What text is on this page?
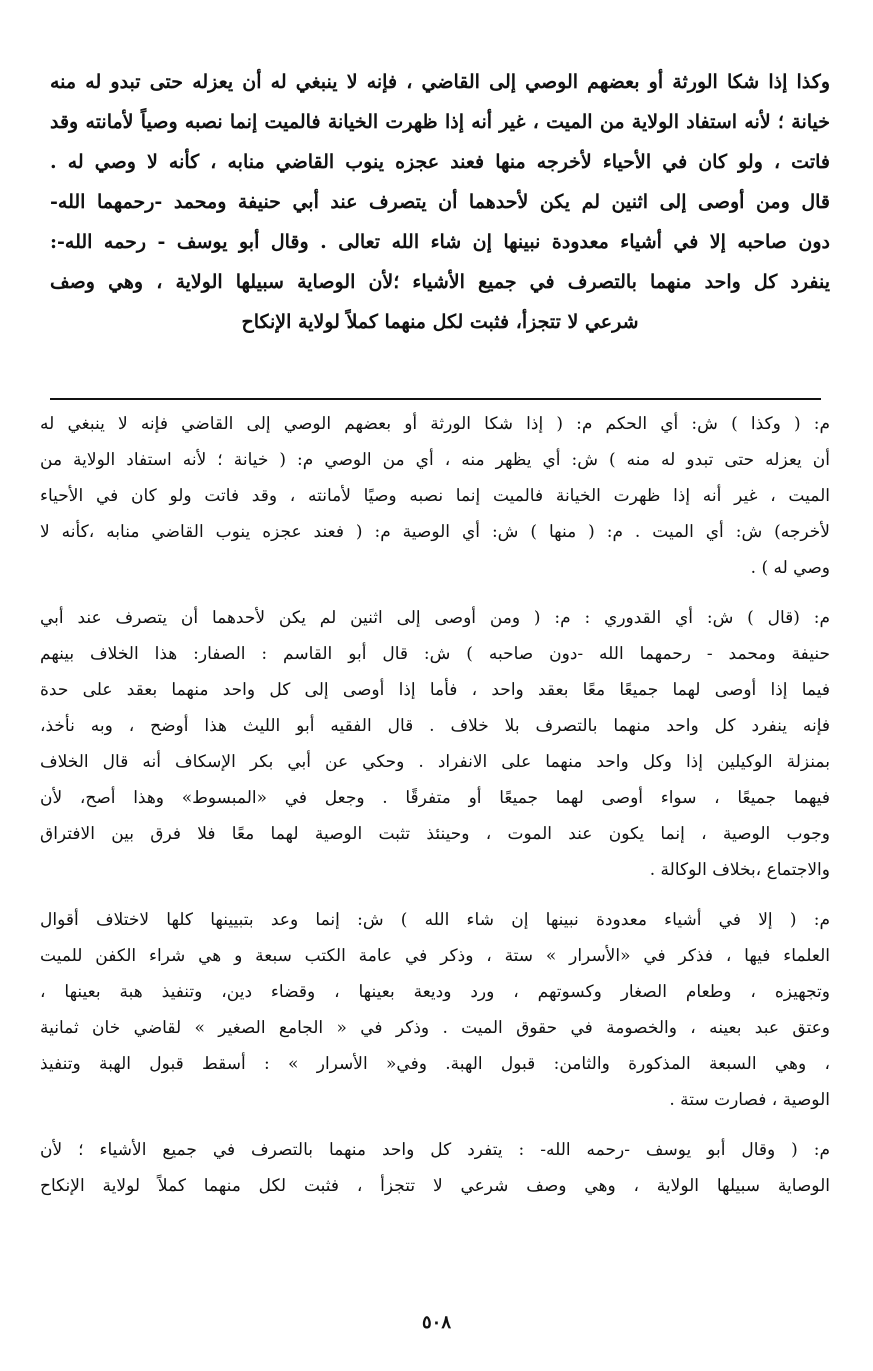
وكذا إذا شكا الورثة أو بعضهم الوصي إلى القاضي ، فإنه لا ينبغي له أن يعزله حتى تبدو له منه
خيانة ؛ لأنه استفاد الولاية من الميت ، غير أنه إذا ظهرت الخيانة فالميت إنما نصبه وصياً لأمانته وقد
فاتت ، ولو كان في الأحياء لأخرجه منها فعند عجزه ينوب القاضي منابه ، كأنه لا وصي له .
قال ومن أوصى إلى اثنين لم يكن لأحدهما أن يتصرف عند أبي حنيفة ومحمد -رحمهما الله-
دون صاحبه إلا في أشياء معدودة نبينها إن شاء الله تعالى . وقال أبو يوسف - رحمه الله-:
ينفرد كل واحد منهما بالتصرف في جميع الأشياء ؛لأن الوصاية سبيلها الولاية ، وهي وصف
شرعي لا تتجزأ، فثبت لكل منهما كملاً لولاية الإنكاح
م: ( وكذا ) ش: أي الحكم م: ( إذا شكا الورثة أو بعضهم الوصي إلى القاضي فإنه لا ينبغي له
أن يعزله حتى تبدو له منه ) ش: أي يظهر منه ، أي من الوصي م: ( خيانة ؛ لأنه استفاد الولاية من
الميت ، غير أنه إذا ظهرت الخيانة فالميت إنما نصبه وصيًا لأمانته ، وقد فاتت ولو كان في الأحياء
لأخرجه) ش: أي الميت . م: ( منها ) ش: أي الوصية م: ( فعند عجزه ينوب القاضي منابه ،كأنه لا
وصي له ) .
م: (قال ) ش: أي القدوري : م: ( ومن أوصى إلى اثنين لم يكن لأحدهما أن يتصرف عند أبي
حنيفة ومحمد - رحمهما الله -دون صاحبه ) ش: قال أبو القاسم : الصفار: هذا الخلاف بينهم
فيما إذا أوصى لهما جميعًا معًا بعقد واحد ، فأما إذا أوصى إلى كل واحد منهما بعقد على حدة
فإنه ينفرد كل واحد منهما بالتصرف بلا خلاف . قال الفقيه أبو الليث هذا أوضح ، وبه نأخذ،
بمنزلة الوكيلين إذا وكل واحد منهما على الانفراد . وحكي عن أبي بكر الإسكاف أنه قال الخلاف
فيهما جميعًا ، سواء أوصى لهما جميعًا أو متفرقًا . وجعل في «المبسوط» وهذا أصح، لأن
وجوب الوصية ، إنما يكون عند الموت ، وحينئذ تثبت الوصية لهما معًا فلا فرق بين الافتراق
والاجتماع ،بخلاف الوكالة .
م: ( إلا في أشياء معدودة نبينها إن شاء الله ) ش: إنما وعد بتبيينها كلها لاختلاف أقوال
العلماء فيها ، فذكر في «الأسرار » ستة ، وذكر في عامة الكتب سبعة و هي شراء الكفن للميت
وتجهيزه ، وطعام الصغار وكسوتهم ، ورد وديعة بعينها ، وقضاء دين، وتنفيذ هبة بعينها ،
وعتق عبد بعينه ، والخصومة في حقوق الميت . وذكر في « الجامع الصغير » لقاضي خان ثمانية
، وهي السبعة المذكورة والثامن: قبول الهبة. وفي« الأسرار » : أسقط قبول الهبة وتنفيذ
الوصية ، فصارت ستة .
م: ( وقال أبو يوسف -رحمه الله- : يتفرد كل واحد منهما بالتصرف في جميع الأشياء ؛ لأن
الوصاية سبيلها الولاية ، وهي وصف شرعي لا تتجزأ ، فثبت لكل منهما كملاً لولاية الإنكاح
٥٠٨
